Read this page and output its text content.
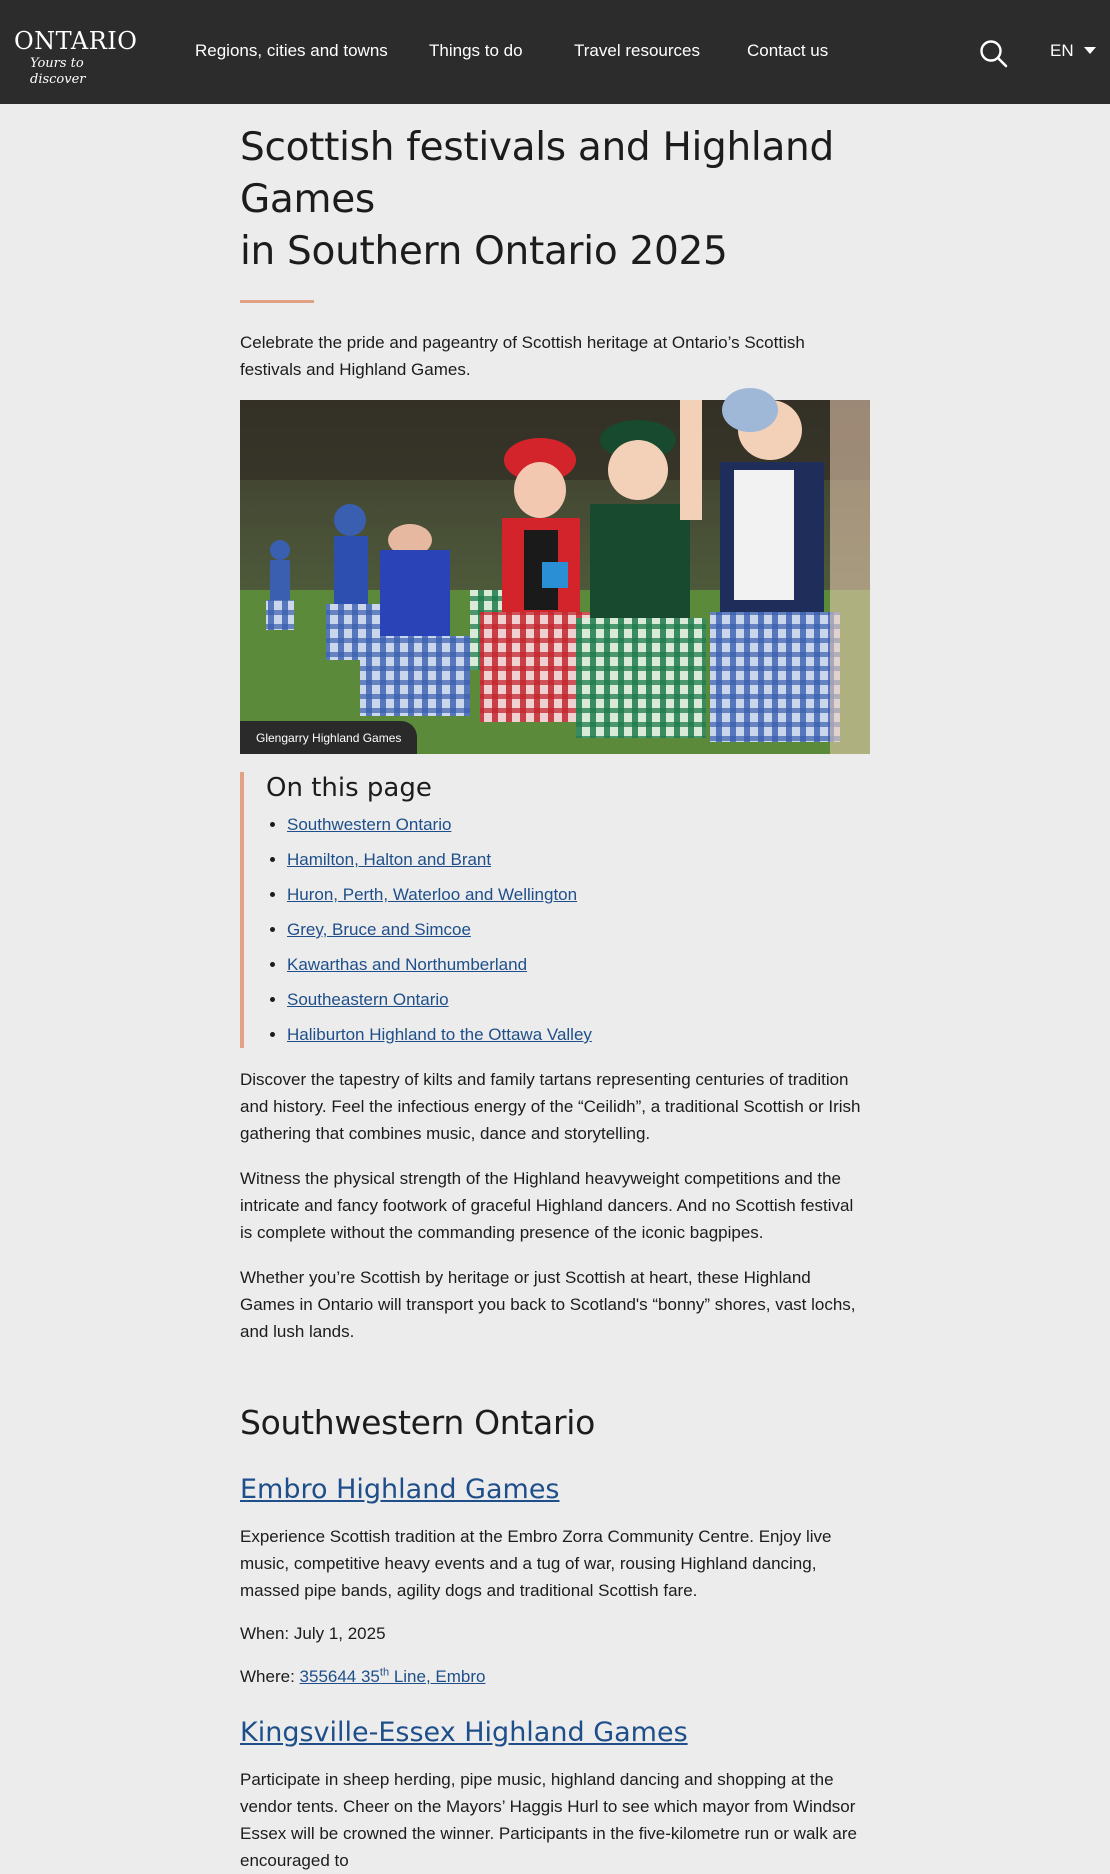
ONTARIO
Yours to discover
Regions, cities and towns Things to do	Travel resources	Contact us	EN
Scottish festivals and Highland Games
in Southern Ontario 2025

Celebrate the pride and pageantry of Scottish heritage at Ontario’s Scottish festivals and Highland Games.

Glengarry Highland Games
On this page
• Southwestern Ontario
• Hamilton, Halton and Brant
• Huron, Perth, Waterloo and Wellington
• Grey, Bruce and Simcoe
• Kawarthas and Northumberland
• Southeastern Ontario
• Haliburton Highland to the Ottawa Valley

Discover the tapestry of kilts and family tartans representing centuries of tradition and history. Feel the infectious energy of the “Ceilidh”, a traditional Scottish or Irish gathering that combines music, dance and storytelling.

Witness the physical strength of the Highland heavyweight competitions and the intricate and fancy footwork of graceful Highland dancers. And no Scottish festival is complete without the commanding presence of the iconic bagpipes.

Whether you’re Scottish by heritage or just Scottish at heart, these Highland Games in Ontario will transport you back to Scotland's “bonny” shores, vast lochs, and lush lands.

Southwestern Ontario
Embro Highland Games

Experience Scottish tradition at the Embro Zorra Community Centre. Enjoy live music, competitive heavy events and a tug of war, rousing Highland dancing, massed pipe bands, agility dogs and traditional Scottish fare.

When: July 1, 2025

Where: 355644 35th Line, Embro

Kingsville-Essex Highland Games

Participate in sheep herding, pipe music, highland dancing and shopping at the vendor tents. Cheer on the Mayors’ Haggis Hurl to see which mayor from Windsor Essex will be crowned the winner. Participants in the five-kilometre run or walk are encouraged to
